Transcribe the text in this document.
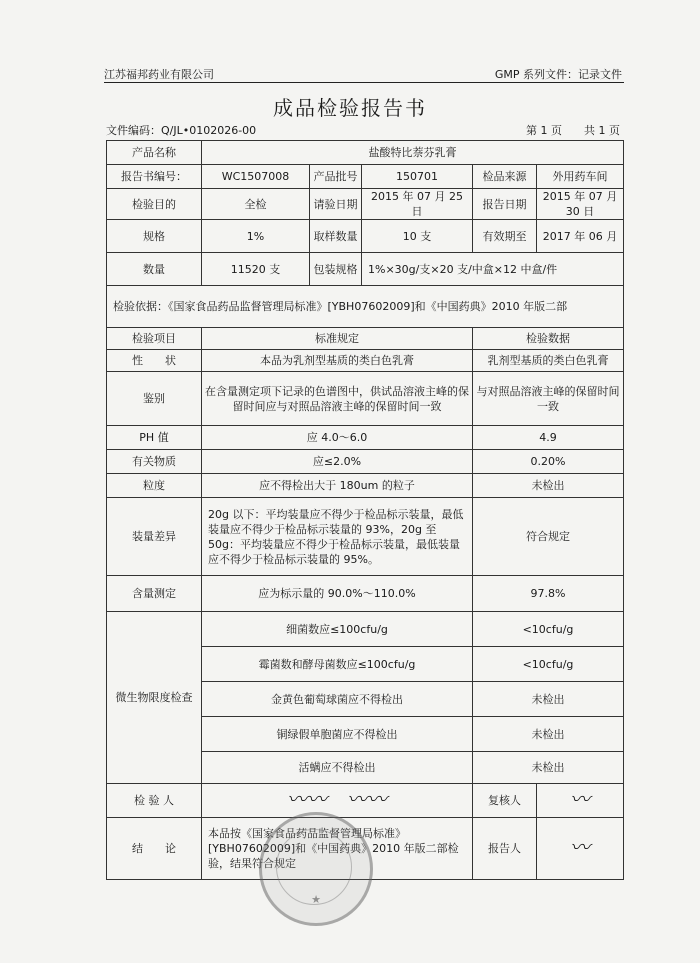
江苏福邦药业有限公司	GMP 系列文件：记录文件
成品检验报告书
文件编码：Q/JL•0102026-00	第 1 页　　共 1 页
产品名称	盐酸特比萘芬乳膏				
报告书编号：	WC1507008	产品批号	150701	检品来源	外用药车间
检验目的	全检	请验日期	2015 年 07 月 25 日	报告日期	2015 年 07 月 30 日
规格	1%	取样数量	10 支	有效期至	2017 年 06 月
数量	11520 支	包装规格	1%×30g/支×20 支/中盒×12 中盒/件		
检验依据：《国家食品药品监督管理局标准》[YBH07602009]和《中国药典》2010 年版二部					
检验项目	标准规定			检验数据	
性　　状	本品为乳剂型基质的类白色乳膏			乳剂型基质的类白色乳膏	
鉴别	在含量测定项下记录的色谱图中，供试品溶液主峰的保留时间应与对照品溶液主峰的保留时间一致			与对照品溶液主峰的保留时间一致	
PH 值	应 4.0～6.0			4.9	
有关物质	应≤2.0%			0.20%	
粒度	应不得检出大于 180um 的粒子			未检出	
装量差异	20g 以下：平均装量应不得少于检品标示装量，最低装量应不得少于检品标示装量的 93%，20g 至 50g：平均装量应不得少于检品标示装量，最低装量应不得少于检品标示装量的 95%。			符合规定	
含量测定	应为标示量的 90.0%～110.0%			97.8%	
微生物限度检查	细菌数应≤100cfu/g			<10cfu/g	
	霉菌数和酵母菌数应≤100cfu/g			<10cfu/g	
	金黄色葡萄球菌应不得检出			未检出	
	铜绿假单胞菌应不得检出			未检出	
	活螨应不得检出			未检出	
检 验 人	〰〰　〰〰			复核人	〰
结　　论	本品按《国家食品药品监督管理局标准》[YBH07602009]和《中国药典》2010 年版二部检验，结果符合规定			报告人	〰
★
